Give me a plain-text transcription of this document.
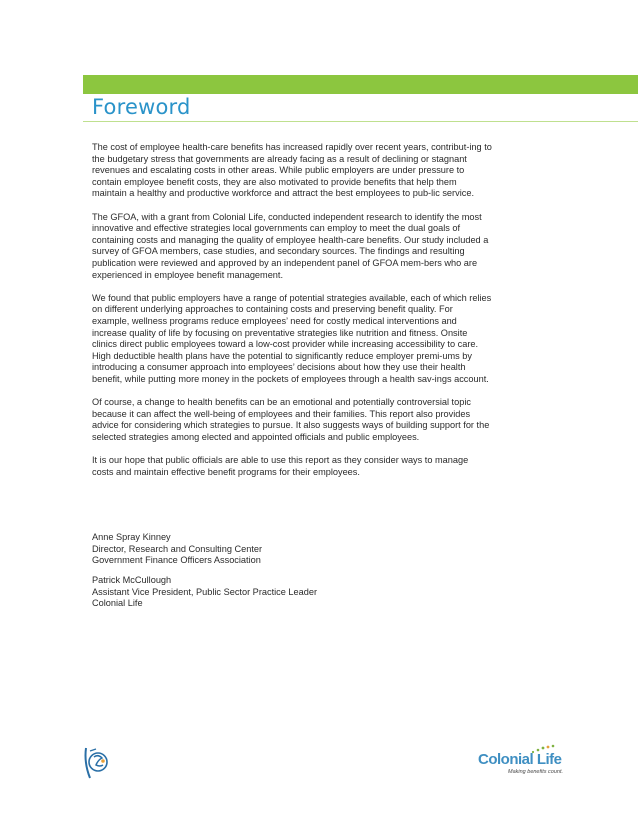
Foreword

The cost of employee health-care benefits has increased rapidly over recent years, contribut-ing to the budgetary stress that governments are already facing as a result of declining or stagnant revenues and escalating costs in other areas. While public employers are under pressure to contain employee benefit costs, they are also motivated to provide benefits that help them maintain a healthy and productive workforce and attract the best employees to pub-lic service.

The GFOA, with a grant from Colonial Life, conducted independent research to identify the most innovative and effective strategies local governments can employ to meet the dual goals of containing costs and managing the quality of employee health-care benefits. Our study included a survey of GFOA members, case studies, and secondary sources. The findings and resulting publication were reviewed and approved by an independent panel of GFOA mem-bers who are experienced in employee benefit management.

We found that public employers have a range of potential strategies available, each of which relies on different underlying approaches to containing costs and preserving benefit quality. For example, wellness programs reduce employees’ need for costly medical interventions and increase quality of life by focusing on preventative strategies like nutrition and fitness. Onsite clinics direct public employees toward a low-cost provider while increasing accessibility to care. High deductible health plans have the potential to significantly reduce employer premi-ums by introducing a consumer approach into employees’ decisions about how they use their health benefit, while putting more money in the pockets of employees through a health sav-ings account.

Of course, a change to health benefits can be an emotional and potentially controversial topic because it can affect the well-being of employees and their families. This report also provides advice for considering which strategies to pursue. It also suggests ways of building support for the selected strategies among elected and appointed officials and public employees.

It is our hope that public officials are able to use this report as they consider ways to manage costs and maintain effective benefit programs for their employees.

Anne Spray Kinney
Director, Research and Consulting Center
Government Finance Officers Association
Patrick McCullough
Assistant Vice President, Public Sector Practice Leader
Colonial Life
Colonial Life
Making benefits count.
